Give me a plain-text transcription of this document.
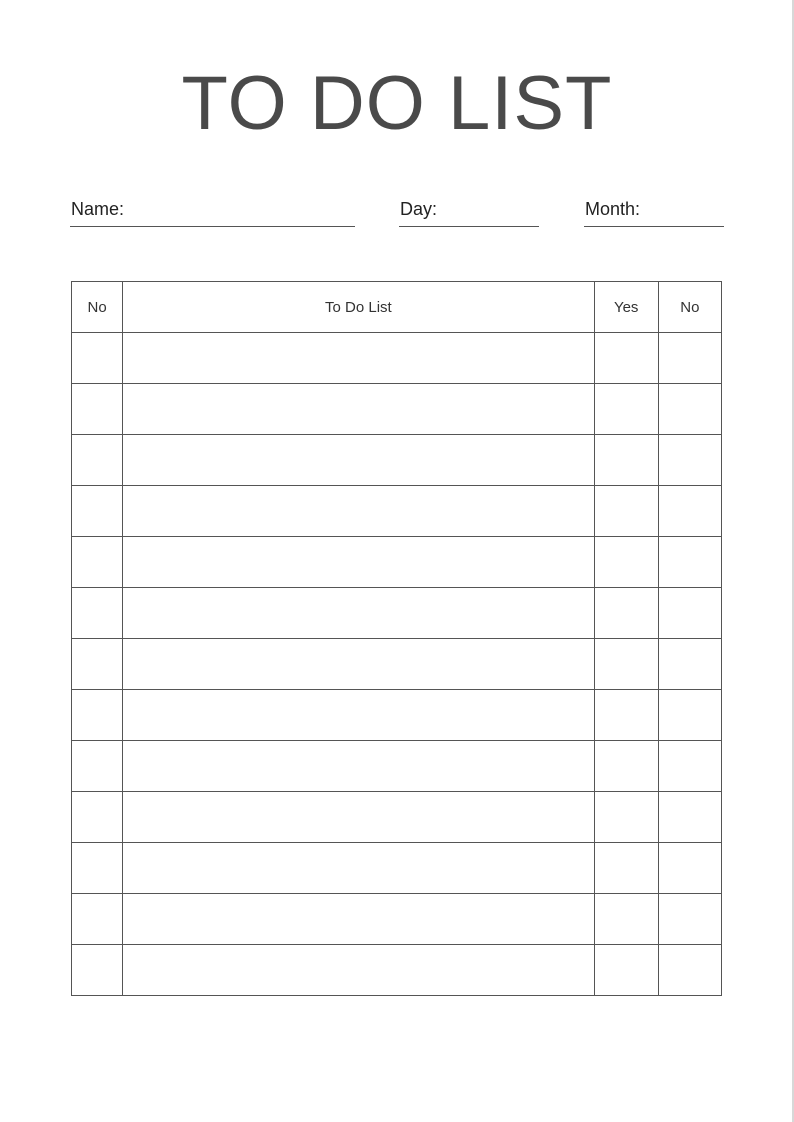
TO DO LIST
Name:	Day:	Month:
No	To Do List	Yes	No
